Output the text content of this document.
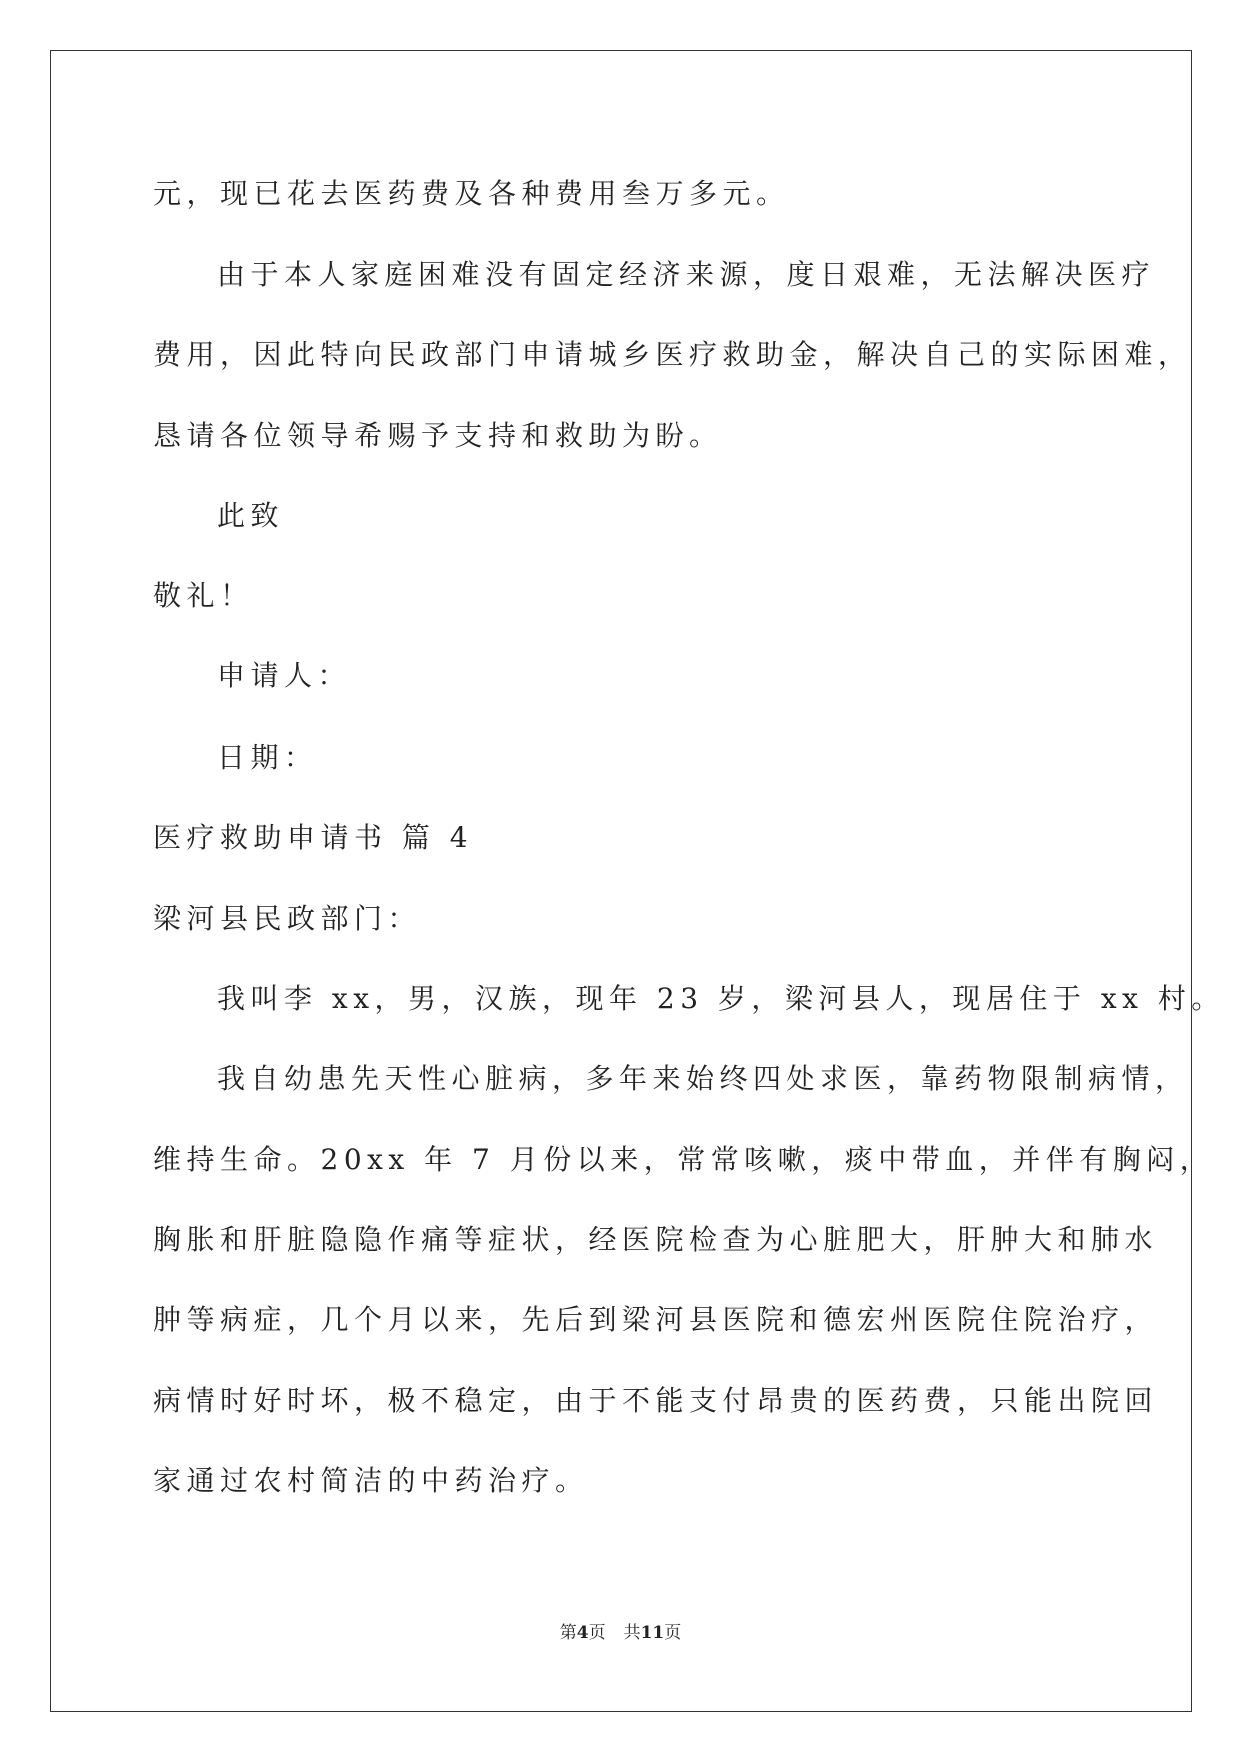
元，现已花去医药费及各种费用叁万多元。
由于本人家庭困难没有固定经济来源，度日艰难，无法解决医疗
费用，因此特向民政部门申请城乡医疗救助金，解决自己的实际困难，
恳请各位领导希赐予支持和救助为盼。
此致
敬礼！
申请人：
日期：
医疗救助申请书 篇 4
梁河县民政部门：
我叫李 xx，男，汉族，现年 23 岁，梁河县人，现居住于 xx 村。
我自幼患先天性心脏病，多年来始终四处求医，靠药物限制病情，
维持生命。20xx 年 7 月份以来，常常咳嗽，痰中带血，并伴有胸闷，
胸胀和肝脏隐隐作痛等症状，经医院检查为心脏肥大，肝肿大和肺水
肿等病症，几个月以来，先后到梁河县医院和德宏州医院住院治疗，
病情时好时坏，极不稳定，由于不能支付昂贵的医药费，只能出院回
家通过农村简洁的中药治疗。
第4页 共11页
